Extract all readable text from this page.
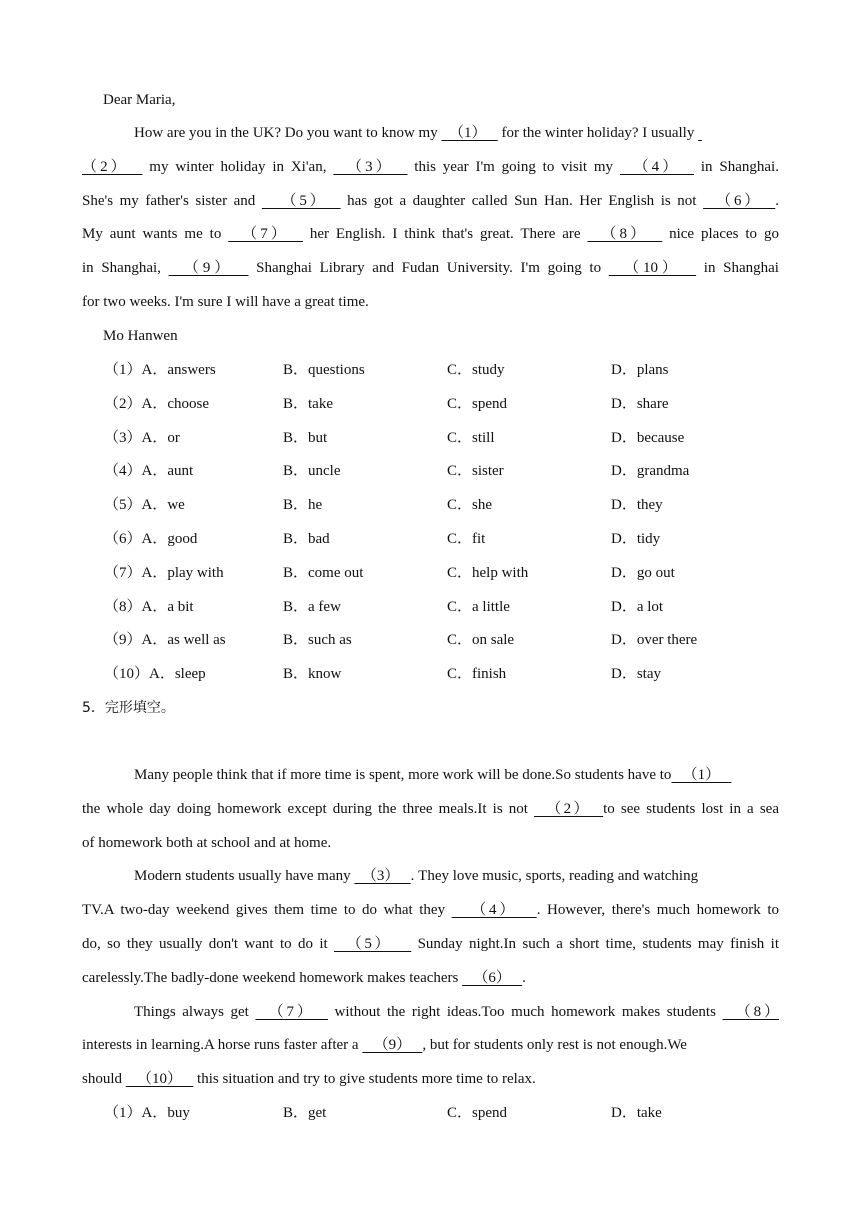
Dear Maria,
How are you in the UK? Do you want to know my   （1）    for the winter holiday? I usually
（2）   my winter holiday in Xi'an,   （3）   this year I'm going to visit my   （4）   in Shanghai.
She's my father's sister and    （5）   has got a daughter called Sun Han. Her English is not   （6）  .
My aunt wants me to   （7）   her English. I think that's great. There are   （8）   nice places to go
in Shanghai,   （9）   Shanghai Library and Fudan University. I'm going to   （10）   in Shanghai
for two weeks. I'm sure I will have a great time.
Mo Hanwen
（1）A．answers	B．questions	C．study	D．plans
（2）A．choose	B．take	C．spend	D．share
（3）A．or	B．but	C．still	D．because
（4）A．aunt	B．uncle	C．sister	D．grandma
（5）A．we	B．he	C．she	D．they
（6）A．good	B．bad	C．fit	D．tidy
（7）A．play with	B．come out	C．help with	D．go out
（8）A．a bit	B．a few	C．a little	D．a lot
（9）A．as well as	B．such as	C．on sale	D．over there
（10）A．sleep	B．know	C．finish	D．stay
5．完形填空。
Many people think that if more time is spent, more work will be done.So students have to   （1）
the whole day doing homework except during the three meals.It is not   （2）  to see students lost in a sea
of homework both at school and at home.
Modern students usually have many   （3）   . They love music, sports, reading and watching
TV.A two-day weekend gives them time to do what they    （4）   . However, there's much homework to
do, so they usually don't want to do it   （5）    Sunday night.In such a short time, students may finish it
carelessly.The badly-done weekend homework makes teachers    （6）   .
Things always get   （7）   without the right ideas.Too much homework makes students   （8）
interests in learning.A horse runs faster after a    （9）   , but for students only rest is not enough.We
should    （10）    this situation and try to give students more time to relax.
（1）A．buy	B．get	C．spend	D．take
